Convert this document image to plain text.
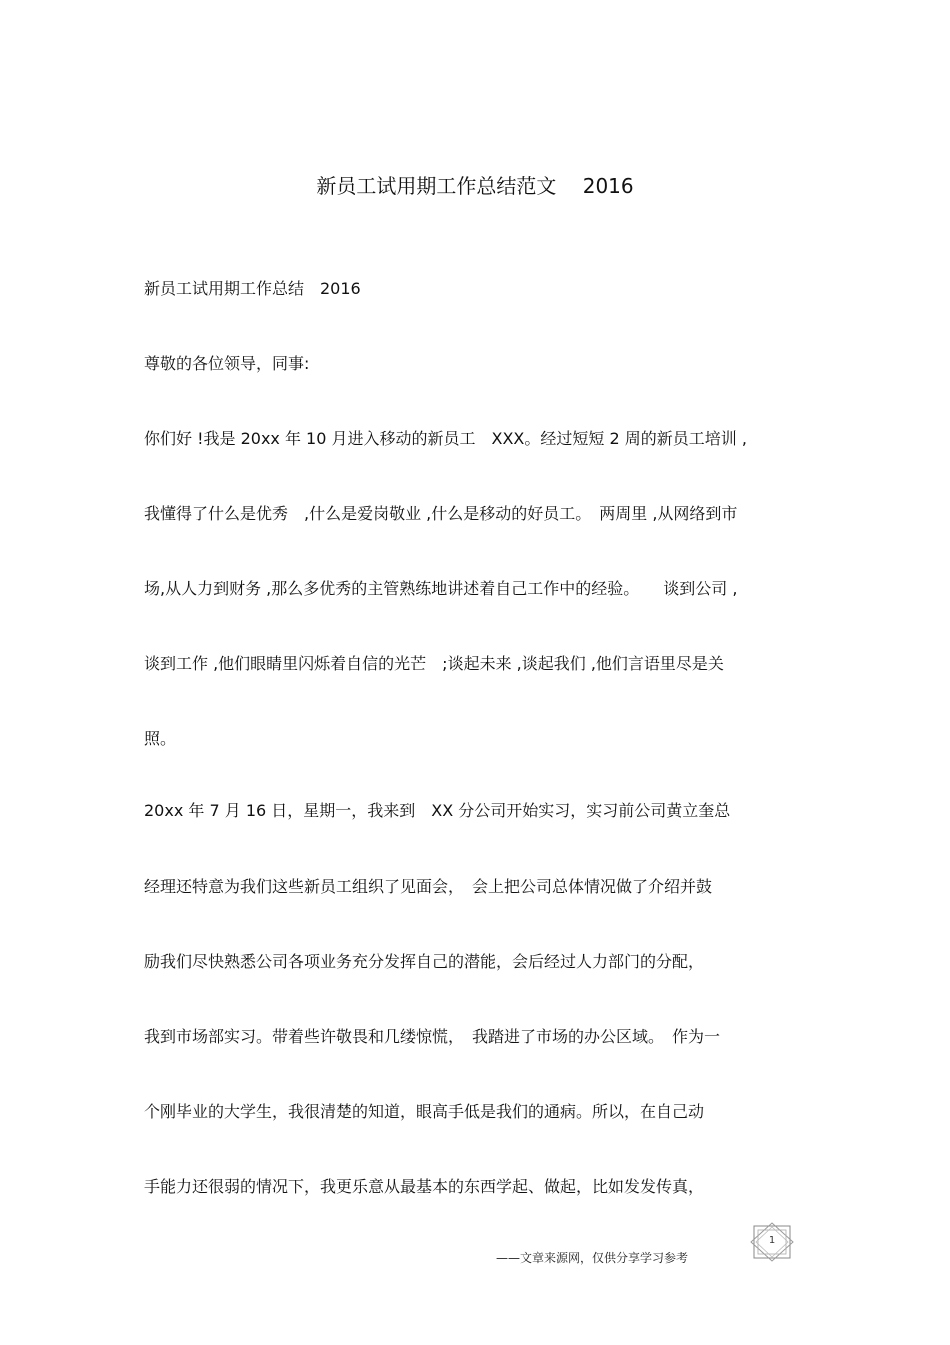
新员工试用期工作总结范文　 2016
新员工试用期工作总结　2016
尊敬的各位领导，同事:
你们好 !我是 20xx 年 10 月进入移动的新员工　XXX。经过短短 2 周的新员工培训 ,
我懂得了什么是优秀　,什么是爱岗敬业 ,什么是移动的好员工。　两周里 ,从网络到市
场,从人力到财务 ,那么多优秀的主管熟练地讲述着自己工作中的经验。　　谈到公司 ,
谈到工作 ,他们眼睛里闪烁着自信的光芒　;谈起未来 ,谈起我们 ,他们言语里尽是关
照。
20xx 年 7 月 16 日，星期一，我来到　XX 分公司开始实习，实习前公司黄立奎总
经理还特意为我们这些新员工组织了见面会，　会上把公司总体情况做了介绍并鼓
励我们尽快熟悉公司各项业务充分发挥自己的潜能，会后经过人力部门的分配，
我到市场部实习。带着些许敬畏和几缕惊慌，　我踏进了市场的办公区域。　作为一
个刚毕业的大学生，我很清楚的知道，眼高手低是我们的通病。所以，在自己动
手能力还很弱的情况下，我更乐意从最基本的东西学起、做起，比如发发传真，
——文章来源网，仅供分享学习参考
1
